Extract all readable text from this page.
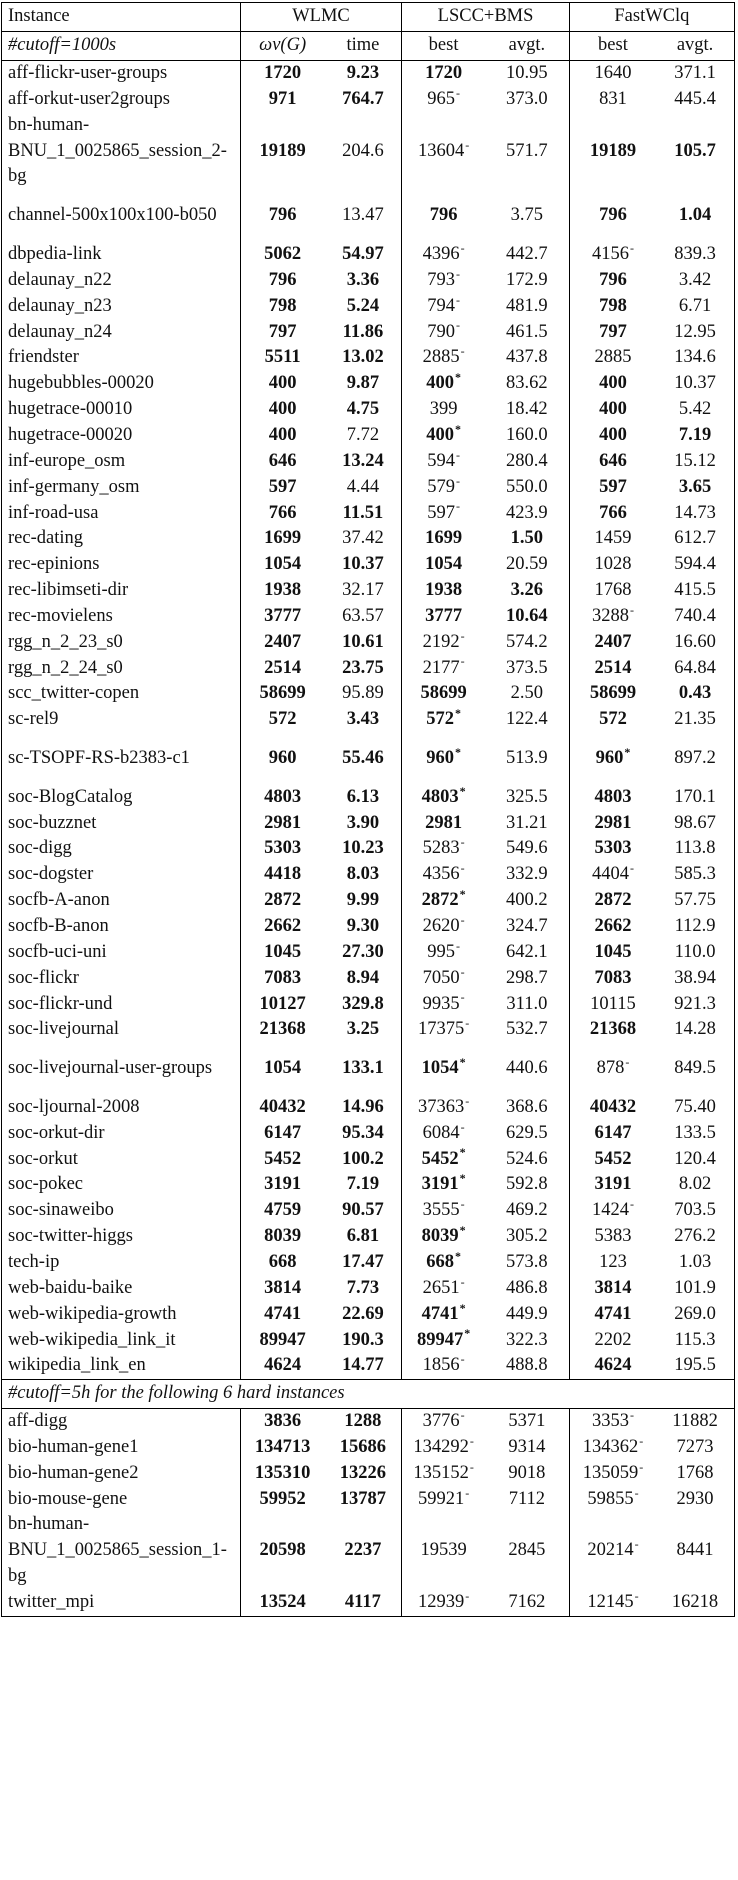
Instance	WLMC		LSCC+BMS		FastWClq	
#cutoff=1000s	ωv(G)	time	best	avgt.	best	avgt.
aff-flickr-user-groups	1720	9.23	1720	10.95	1640	371.1
aff-orkut-user2groups	971	764.7	965-	373.0	831	445.4
bn-human-BNU_1_0025865_session_2-bg	19189	204.6	13604-	571.7	19189	105.7
channel-500x100x100-b050	796	13.47	796	3.75	796	1.04
dbpedia-link	5062	54.97	4396-	442.7	4156-	839.3
delaunay_n22	796	3.36	793-	172.9	796	3.42
delaunay_n23	798	5.24	794-	481.9	798	6.71
delaunay_n24	797	11.86	790-	461.5	797	12.95
friendster	5511	13.02	2885-	437.8	2885	134.6
hugebubbles-00020	400	9.87	400*	83.62	400	10.37
hugetrace-00010	400	4.75	399	18.42	400	5.42
hugetrace-00020	400	7.72	400*	160.0	400	7.19
inf-europe_osm	646	13.24	594-	280.4	646	15.12
inf-germany_osm	597	4.44	579-	550.0	597	3.65
inf-road-usa	766	11.51	597-	423.9	766	14.73
rec-dating	1699	37.42	1699	1.50	1459	612.7
rec-epinions	1054	10.37	1054	20.59	1028	594.4
rec-libimseti-dir	1938	32.17	1938	3.26	1768	415.5
rec-movielens	3777	63.57	3777	10.64	3288-	740.4
rgg_n_2_23_s0	2407	10.61	2192-	574.2	2407	16.60
rgg_n_2_24_s0	2514	23.75	2177-	373.5	2514	64.84
scc_twitter-copen	58699	95.89	58699	2.50	58699	0.43
sc-rel9	572	3.43	572*	122.4	572	21.35
sc-TSOPF-RS-b2383-c1	960	55.46	960*	513.9	960*	897.2
soc-BlogCatalog	4803	6.13	4803*	325.5	4803	170.1
soc-buzznet	2981	3.90	2981	31.21	2981	98.67
soc-digg	5303	10.23	5283-	549.6	5303	113.8
soc-dogster	4418	8.03	4356-	332.9	4404-	585.3
socfb-A-anon	2872	9.99	2872*	400.2	2872	57.75
socfb-B-anon	2662	9.30	2620-	324.7	2662	112.9
socfb-uci-uni	1045	27.30	995-	642.1	1045	110.0
soc-flickr	7083	8.94	7050-	298.7	7083	38.94
soc-flickr-und	10127	329.8	9935-	311.0	10115	921.3
soc-livejournal	21368	3.25	17375-	532.7	21368	14.28
soc-livejournal-user-groups	1054	133.1	1054*	440.6	878-	849.5
soc-ljournal-2008	40432	14.96	37363-	368.6	40432	75.40
soc-orkut-dir	6147	95.34	6084-	629.5	6147	133.5
soc-orkut	5452	100.2	5452*	524.6	5452	120.4
soc-pokec	3191	7.19	3191*	592.8	3191	8.02
soc-sinaweibo	4759	90.57	3555-	469.2	1424-	703.5
soc-twitter-higgs	8039	6.81	8039*	305.2	5383	276.2
tech-ip	668	17.47	668*	573.8	123	1.03
web-baidu-baike	3814	7.73	2651-	486.8	3814	101.9
web-wikipedia-growth	4741	22.69	4741*	449.9	4741	269.0
web-wikipedia_link_it	89947	190.3	89947*	322.3	2202	115.3
wikipedia_link_en	4624	14.77	1856-	488.8	4624	195.5
#cutoff=5h for the following 6 hard instances						
aff-digg	3836	1288	3776-	5371	3353-	11882
bio-human-gene1	134713	15686	134292-	9314	134362-	7273
bio-human-gene2	135310	13226	135152-	9018	135059-	1768
bio-mouse-gene	59952	13787	59921-	7112	59855-	2930
bn-human-BNU_1_0025865_session_1-bg	20598	2237	19539	2845	20214-	8441
twitter_mpi	13524	4117	12939-	7162	12145-	16218
